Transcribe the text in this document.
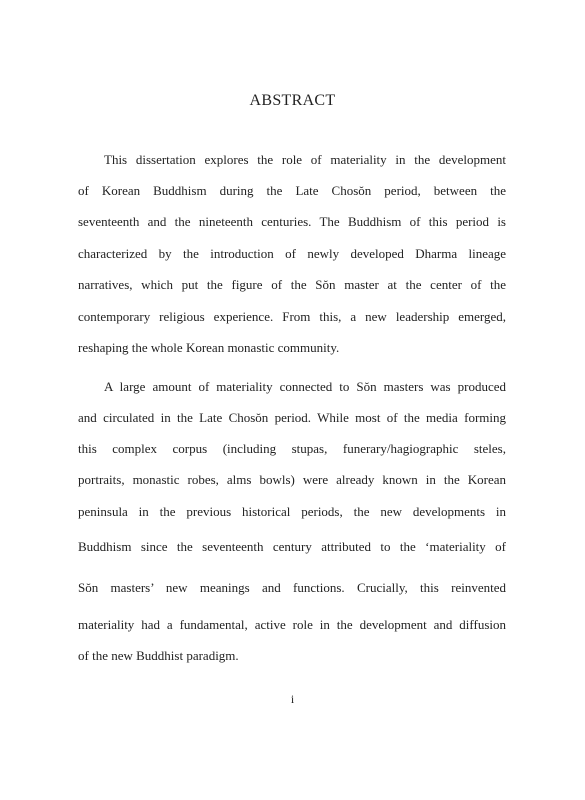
ABSTRACT
This dissertation explores the role of materiality in the development
of Korean Buddhism during the Late Chosŏn period, between the
seventeenth and the nineteenth centuries. The Buddhism of this period is
characterized by the introduction of newly developed Dharma lineage
narratives, which put the figure of the Sŏn master at the center of the
contemporary religious experience. From this, a new leadership emerged,
reshaping the whole Korean monastic community.
A large amount of materiality connected to Sŏn masters was produced
and circulated in the Late Chosŏn period. While most of the media forming
this complex corpus (including stupas, funerary/hagiographic steles,
portraits, monastic robes, alms bowls) were already known in the Korean
peninsula in the previous historical periods, the new developments in
Buddhism since the seventeenth century attributed to the ‘materiality of
Sŏn masters’ new meanings and functions. Crucially, this reinvented
materiality had a fundamental, active role in the development and diffusion
of the new Buddhist paradigm.
i
